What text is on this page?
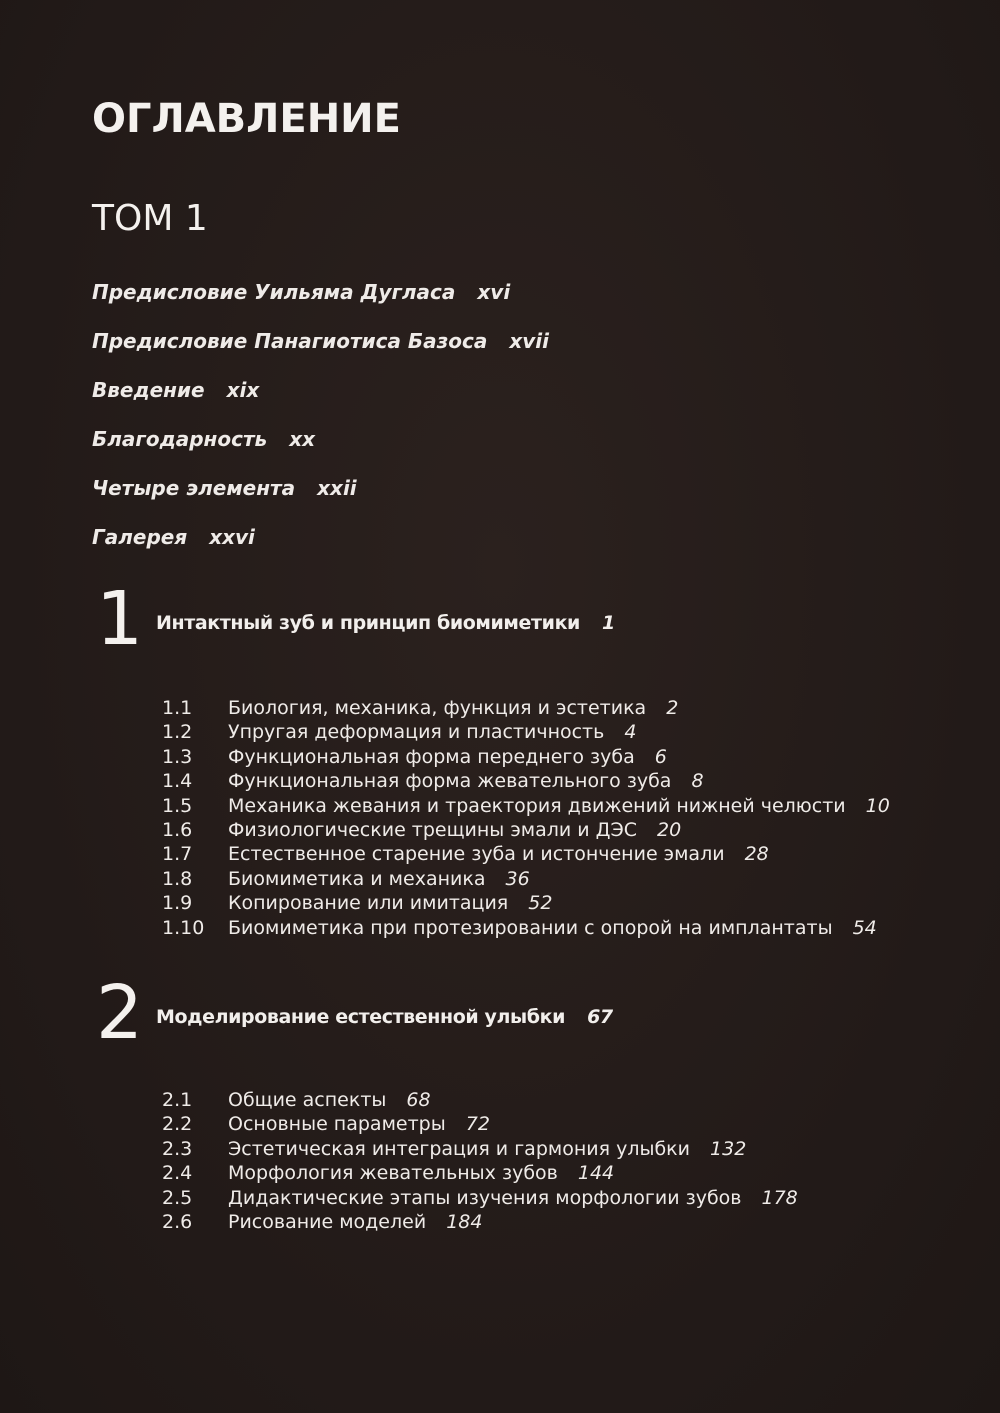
ОГЛАВЛЕНИЕ
ТОМ 1
Предисловие Уильяма Дугласа xvi
Предисловие Панагиотиса Базоса xvii
Введение xix
Благодарность xx
Четыре элемента xxii
Галерея xxvi
1 Интактный зуб и принцип биомиметики 1
1.1 Биология, механика, функция и эстетика 2
1.2 Упругая деформация и пластичность 4
1.3 Функциональная форма переднего зуба 6
1.4 Функциональная форма жевательного зуба 8
1.5 Механика жевания и траектория движений нижней челюсти 10
1.6 Физиологические трещины эмали и ДЭС 20
1.7 Естественное старение зуба и истончение эмали 28
1.8 Биомиметика и механика 36
1.9 Копирование или имитация 52
1.10 Биомиметика при протезировании с опорой на имплантаты 54
2 Моделирование естественной улыбки 67
2.1 Общие аспекты 68
2.2 Основные параметры 72
2.3 Эстетическая интеграция и гармония улыбки 132
2.4 Морфология жевательных зубов 144
2.5 Дидактические этапы изучения морфологии зубов 178
2.6 Рисование моделей 184
